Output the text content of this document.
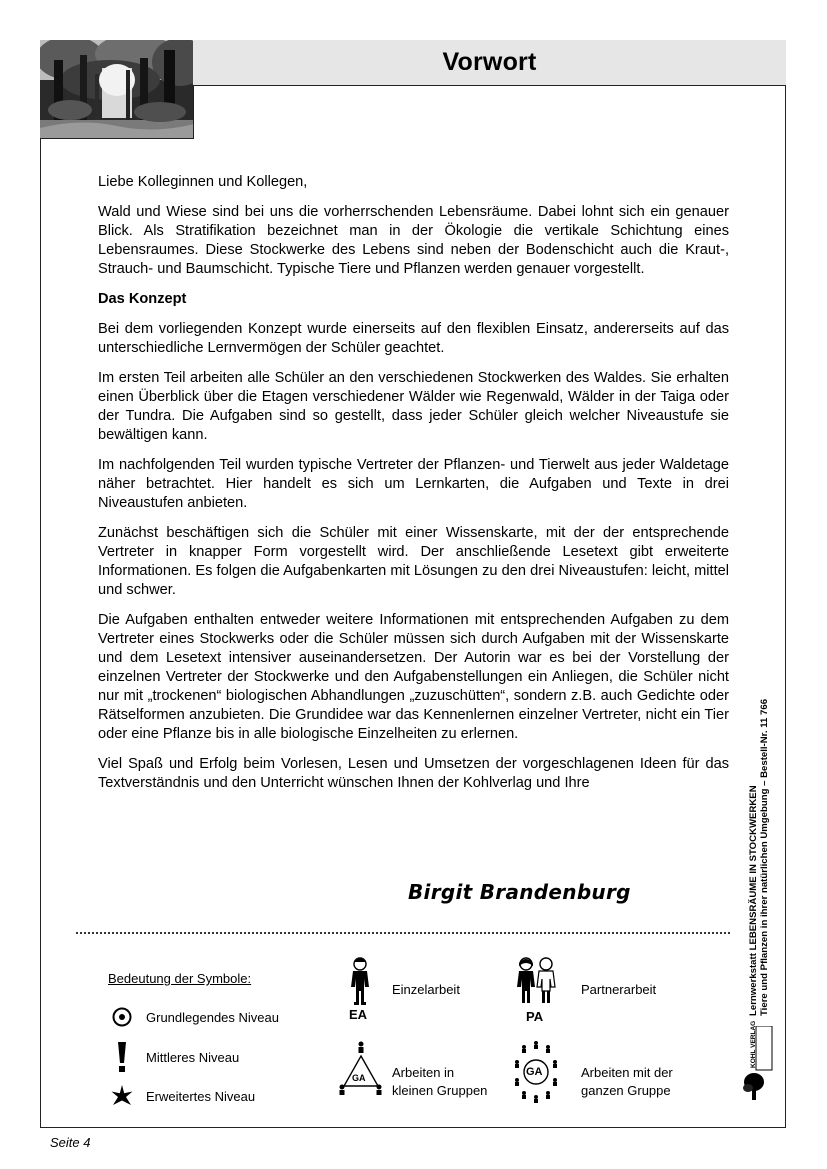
Vorwort

Liebe Kolleginnen und Kollegen,

Wald und Wiese sind bei uns die vorherrschenden Lebensräume. Dabei lohnt sich ein genauer Blick. Als Stratifikation bezeichnet man in der Ökologie die vertikale Schichtung eines Lebensraumes. Diese Stockwerke des Lebens sind neben der Bodenschicht auch die Kraut-, Strauch- und Baumschicht. Typische Tiere und Pflanzen werden genauer vorgestellt.

Das Konzept

Bei dem vorliegenden Konzept wurde einerseits auf den flexiblen Einsatz, andererseits auf das unterschiedliche Lernvermögen der Schüler geachtet.

Im ersten Teil arbeiten alle Schüler an den verschiedenen Stockwerken des Waldes. Sie erhalten einen Überblick über die Etagen verschiedener Wälder wie Regenwald, Wälder in der Taiga oder der Tundra. Die Aufgaben sind so gestellt, dass jeder Schüler gleich welcher Niveaustufe sie bewältigen kann.

Im nachfolgenden Teil wurden typische Vertreter der Pflanzen- und Tierwelt aus jeder Waldetage näher betrachtet. Hier handelt es sich um Lernkarten, die Aufgaben und Texte in drei Niveaustufen anbieten.

Zunächst beschäftigen sich die Schüler mit einer Wissenskarte, mit der der entsprechende Vertreter in knapper Form vorgestellt wird. Der anschließende Lesetext gibt erweiterte Informationen. Es folgen die Aufgabenkarten mit Lösungen zu den drei Niveaustufen: leicht, mittel und schwer.

Die Aufgaben enthalten entweder weitere Informationen mit entsprechenden Aufgaben zu dem Vertreter eines Stockwerks oder die Schüler müssen sich durch Aufgaben mit der Wissenskarte und dem Lesetext intensiver auseinandersetzen. Der Autorin war es bei der Vorstellung der einzelnen Vertreter der Stockwerke und den Aufgabenstellungen ein Anliegen, die Schüler nicht nur mit „trockenen“ biologischen Abhandlungen „zuzuschütten“, sondern z.B. auch Gedichte oder Rätselformen anzubieten. Die Grundidee war das Kennenlernen einzelner Vertreter, nicht ein Tier oder eine Pflanze bis in alle biologische Einzelheiten zu erlernen.

Viel Spaß und Erfolg beim Vorlesen, Lesen und Umsetzen der vorgeschlagenen Ideen für das Textverständnis und den Unterricht wünschen Ihnen der Kohlverlag und Ihre

Birgit Brandenburg
Bedeutung der Symbole:
Grundlegendes Niveau
Mittleres Niveau
Erweitertes Niveau
EA
Einzelarbeit
PA
Partnerarbeit
GA Arbeiten in
kleinen Gruppen
GA	Arbeiten mit der
ganzen Gruppe
Lernwerkstatt LEBENSRÄUME IN STOCKWERKEN Tiere und Pflanzen in ihrer natürlichen Umgebung – Bestell-Nr. 11 766
KOHL VERLAG
Seite 4
